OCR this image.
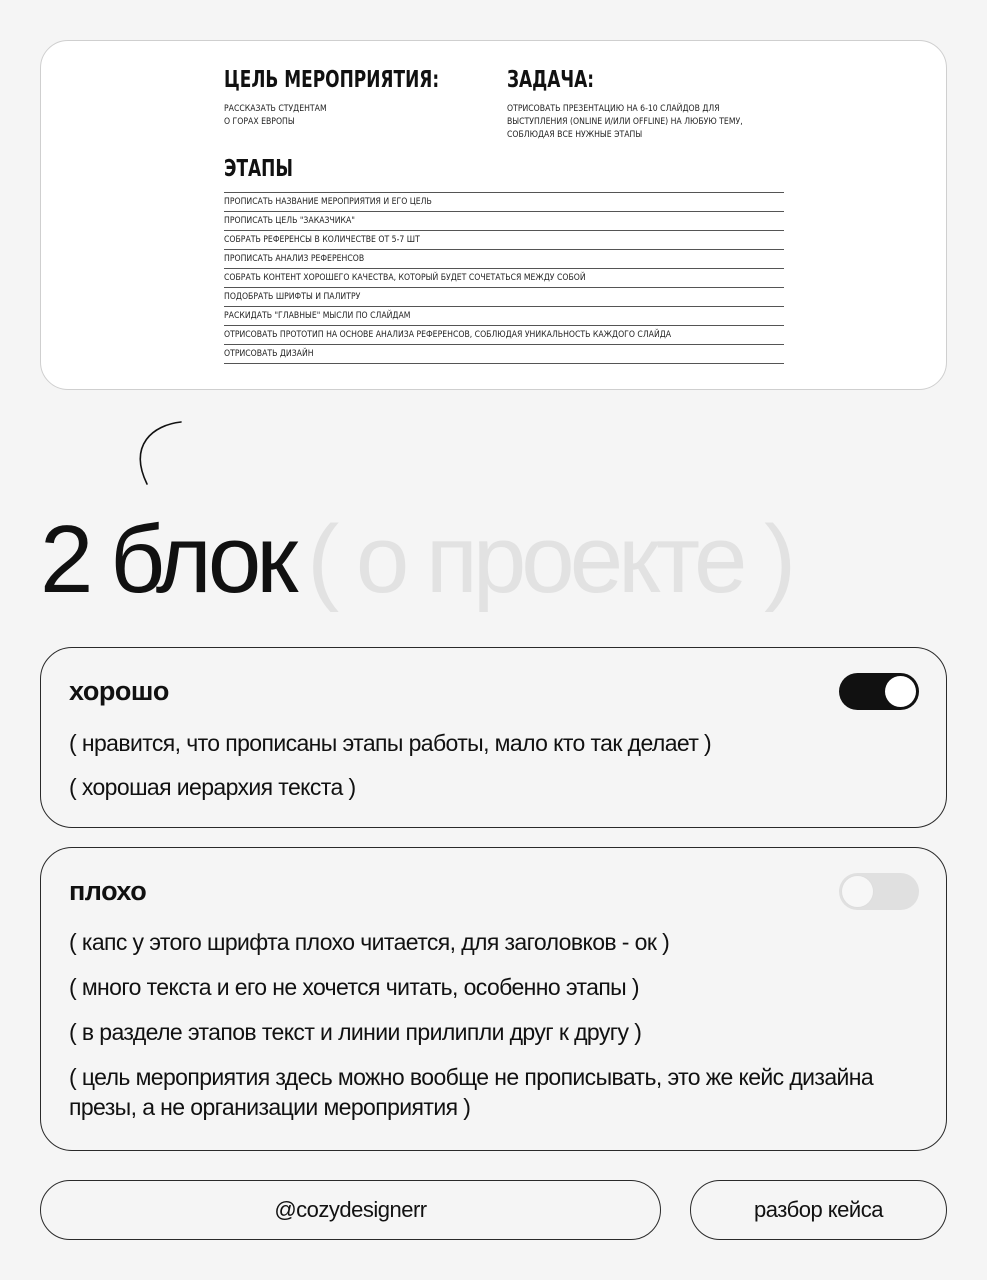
ЦЕЛЬ МЕРОПРИЯТИЯ:
РАССКАЗАТЬ СТУДЕНТАМ
О ГОРАХ ЕВРОПЫ
ЗАДАЧА:
ОТРИСОВАТЬ ПРЕЗЕНТАЦИЮ НА 6-10 СЛАЙДОВ ДЛЯ
ВЫСТУПЛЕНИЯ (ONLINE И/ИЛИ OFFLINE) НА ЛЮБУЮ ТЕМУ,
СОБЛЮДАЯ ВСЕ НУЖНЫЕ ЭТАПЫ
ЭТАПЫ
ПРОПИСАТЬ НАЗВАНИЕ МЕРОПРИЯТИЯ И ЕГО ЦЕЛЬ
ПРОПИСАТЬ ЦЕЛЬ "ЗАКАЗЧИКА"
СОБРАТЬ РЕФЕРЕНСЫ В КОЛИЧЕСТВЕ ОТ 5-7 ШТ
ПРОПИСАТЬ АНАЛИЗ РЕФЕРЕНСОВ
СОБРАТЬ КОНТЕНТ ХОРОШЕГО КАЧЕСТВА, КОТОРЫЙ БУДЕТ СОЧЕТАТЬСЯ МЕЖДУ СОБОЙ
ПОДОБРАТЬ ШРИФТЫ И ПАЛИТРУ
РАСКИДАТЬ "ГЛАВНЫЕ" МЫСЛИ ПО СЛАЙДАМ
ОТРИСОВАТЬ ПРОТОТИП НА ОСНОВЕ АНАЛИЗА РЕФЕРЕНСОВ, СОБЛЮДАЯ УНИКАЛЬНОСТЬ КАЖДОГО СЛАЙДА
ОТРИСОВАТЬ ДИЗАЙН
2 блок ( о проекте )
хорошо
( нравится, что прописаны этапы работы, мало кто так делает )
( хорошая иерархия текста )
плохо
( капс у этого шрифта плохо читается, для заголовков - ок )
( много текста и его не хочется читать, особенно этапы )
( в разделе этапов текст и линии прилипли друг к другу )
( цель мероприятия здесь можно вообще не прописывать, это же кейс дизайна презы, а не организации мероприятия )
@cozydesignerr	разбор кейса
